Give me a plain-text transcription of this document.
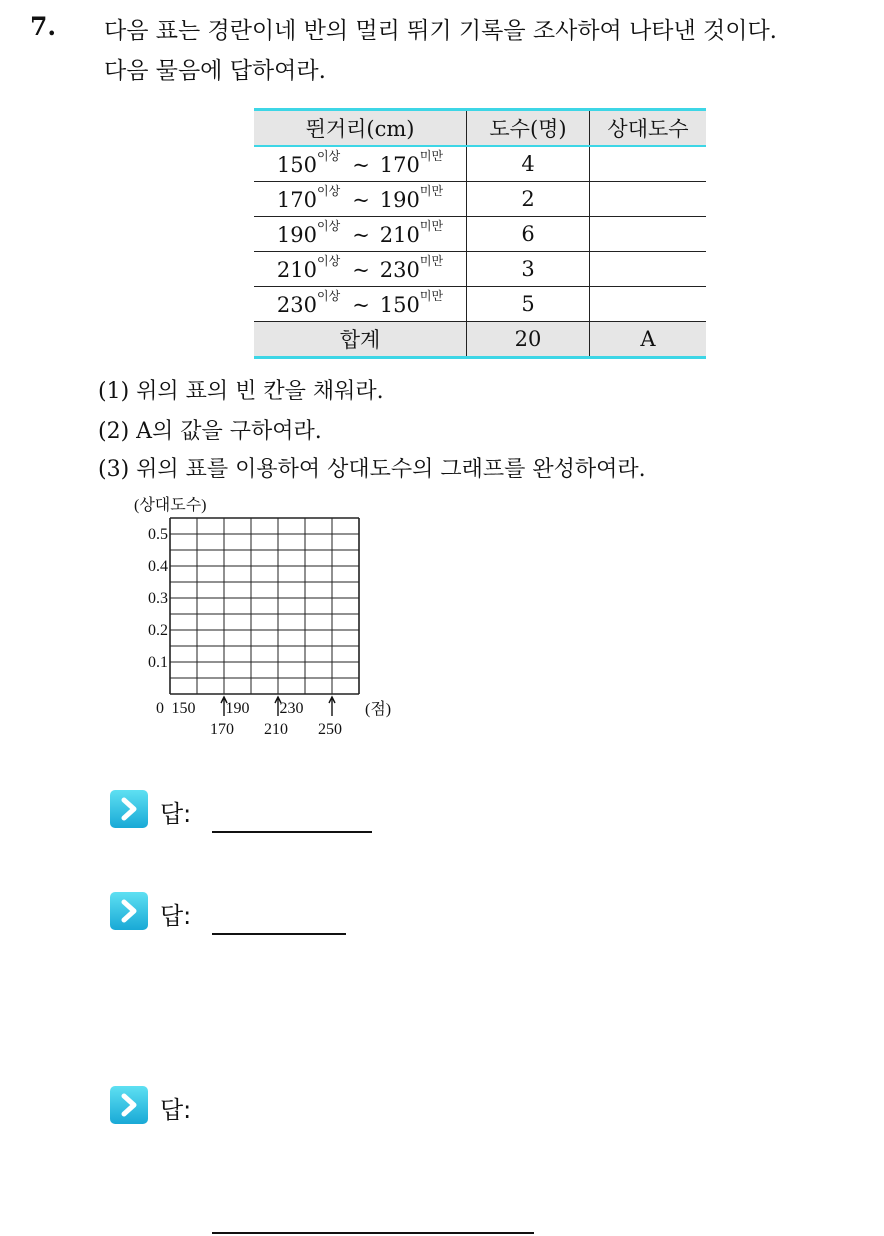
7. 다음 표는 경란이네 반의 멀리 뛰기 기록을 조사하여 나타낸 것이다.
다음 물음에 답하여라.
뛴거리(cm)	도수(명)	상대도수
$150^{이상}$ ~ $170^{미만}$	4	
$170^{이상}$ ~ $190^{미만}$	2	
$190^{이상}$ ~ $210^{미만}$	6	
$210^{이상}$ ~ $230^{미만}$	3	
$230^{이상}$ ~ $150^{미만}$	5	
합계	20	A
(1) 위의 표의 빈 칸을 채워라.
(2) A의 값을 구하여라.
(3) 위의 표를 이용하여 상대도수의 그래프를 완성하여라.
(상대도수)
0.5
0.4
0.3
0.2
0.1
0 150 190 230
170 210 250
(점)
답:
답:
답:
